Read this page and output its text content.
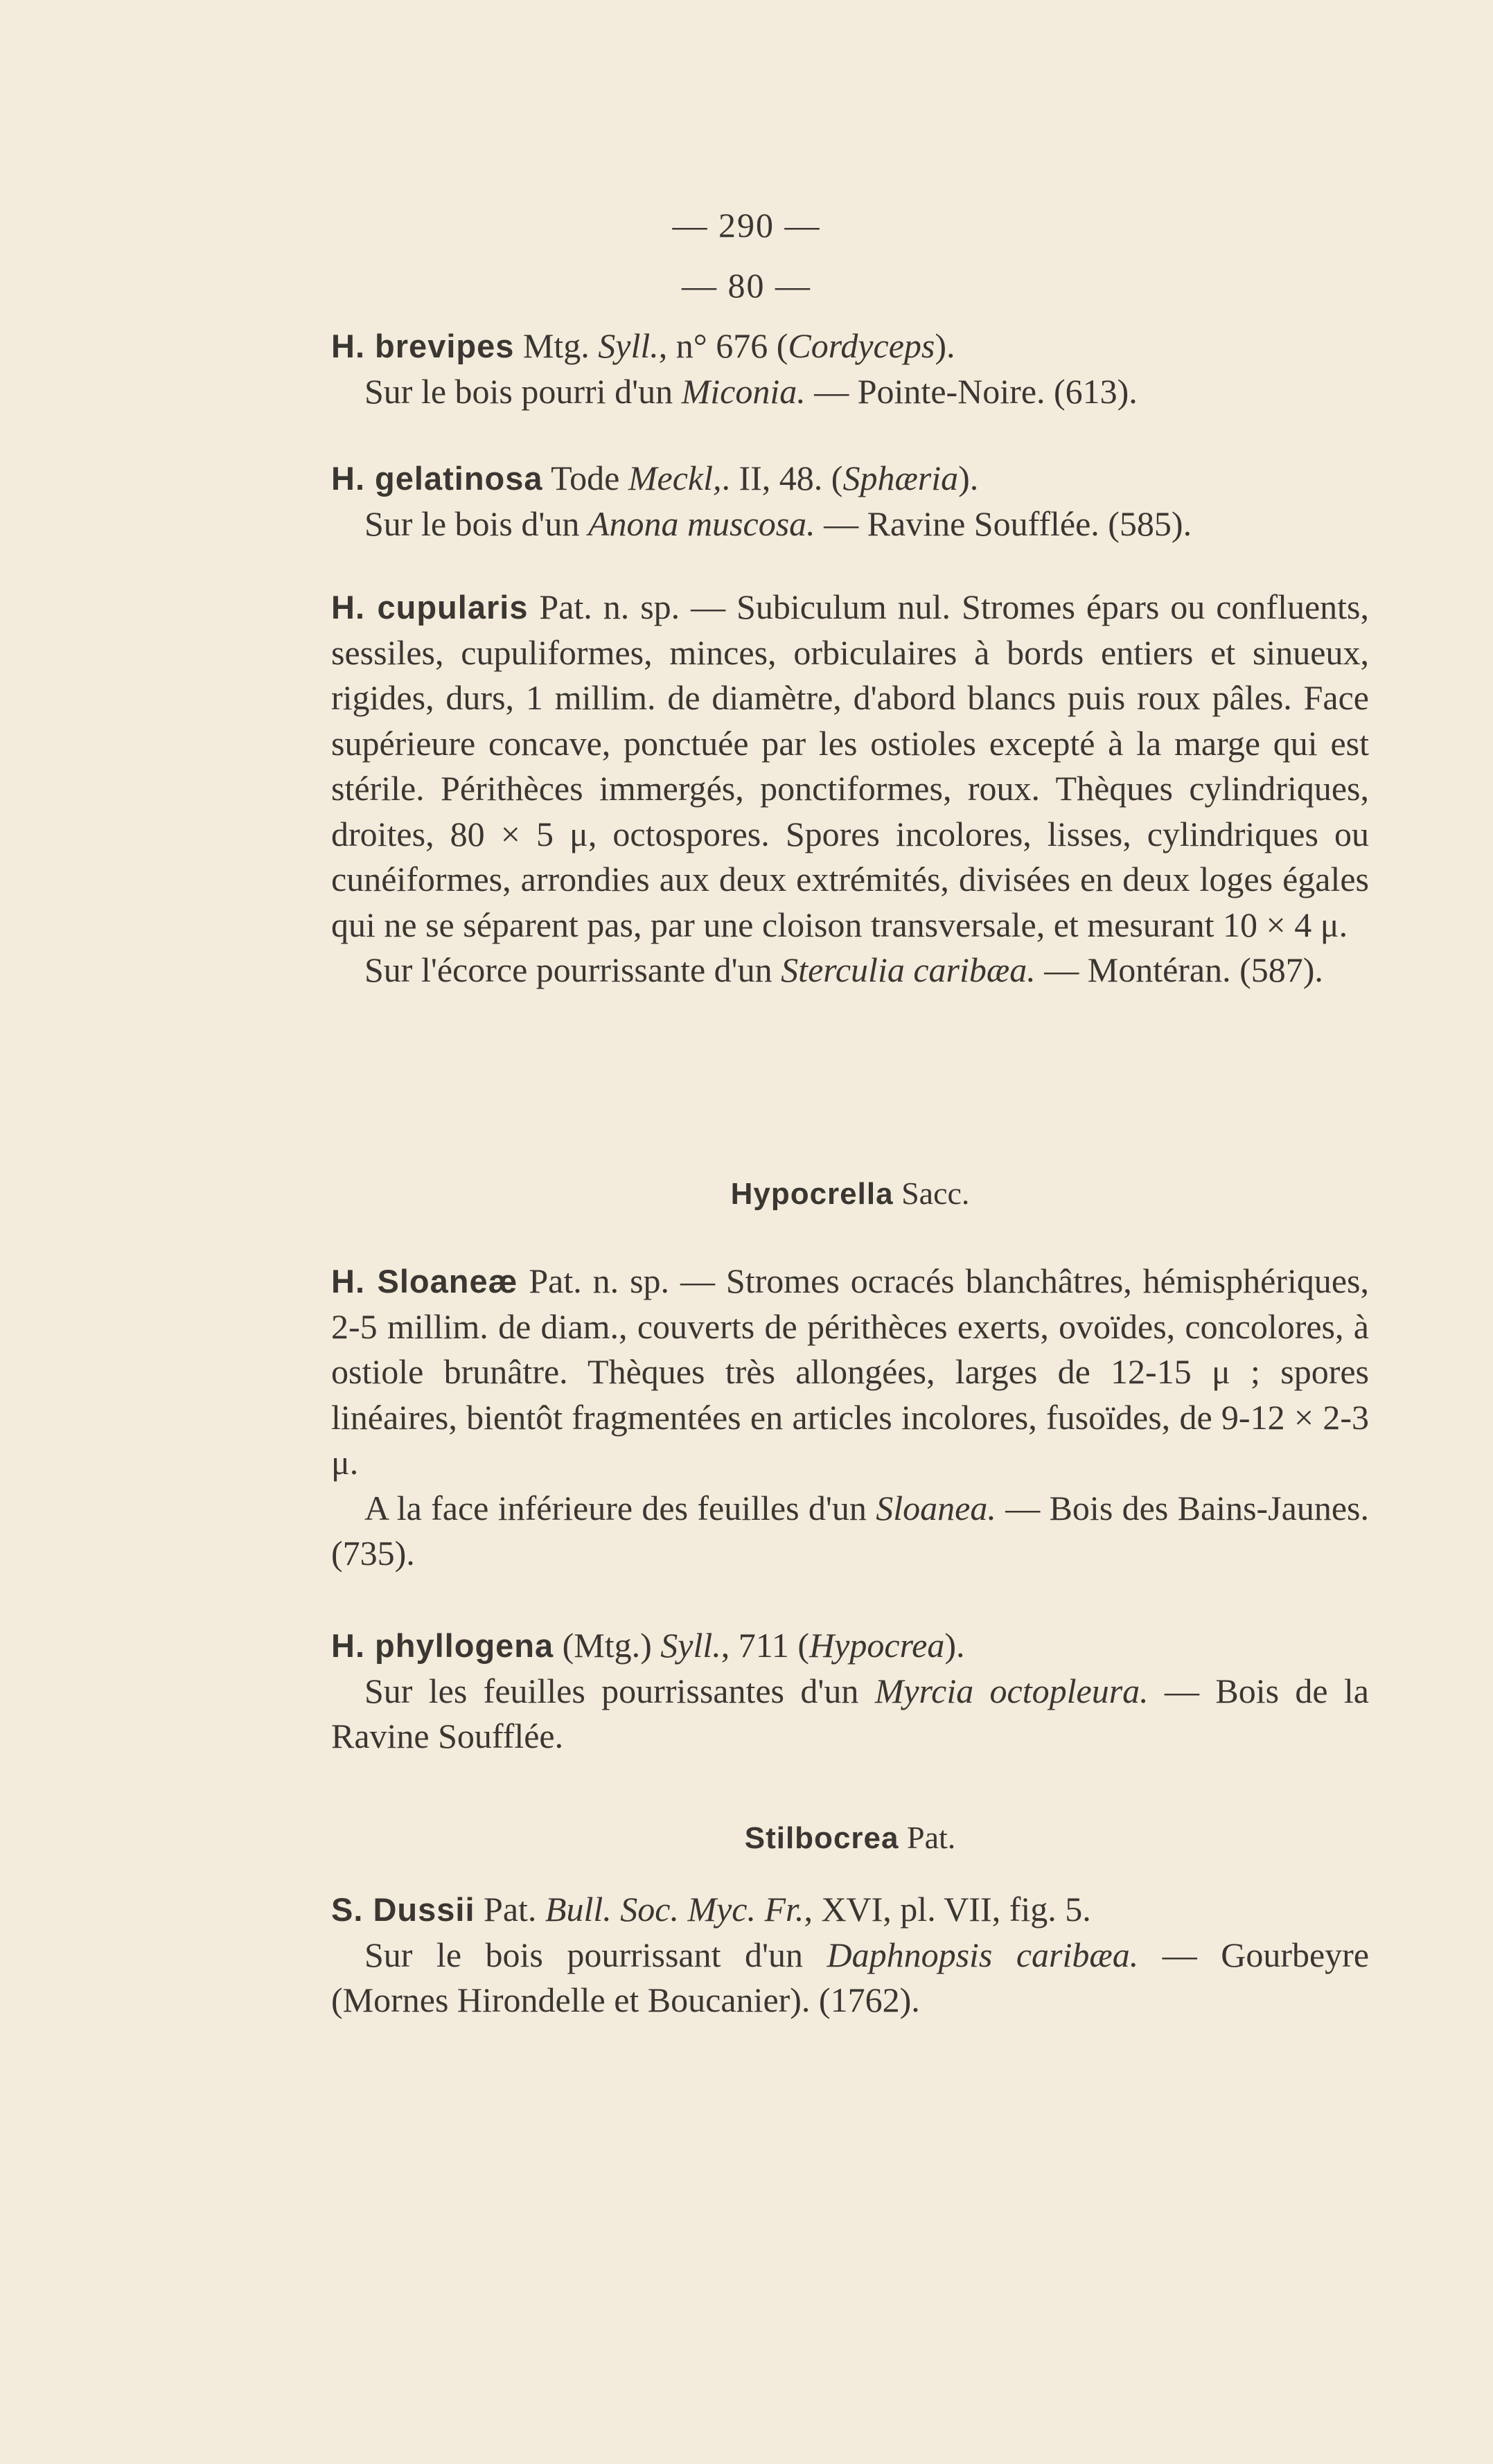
— 290 —
— 80 —

H. brevipes Mtg. Syll., n° 676 (Cordyceps).

Sur le bois pourri d'un Miconia. — Pointe-Noire. (613).

H. gelatinosa Tode Meckl,. II, 48. (Sphæria).

Sur le bois d'un Anona muscosa. — Ravine Soufflée. (585).

H. cupularis Pat. n. sp. — Subiculum nul. Stromes épars ou confluents, sessiles, cupuliformes, minces, orbiculaires à bords entiers et sinueux, rigides, durs, 1 millim. de diamètre, d'abord blancs puis roux pâles. Face supérieure concave, ponctuée par les ostioles excepté à la marge qui est stérile. Périthèces immergés, ponctiformes, roux. Thèques cylindriques, droites, 80 × 5 μ, octospores. Spores incolores, lisses, cylindriques ou cunéiformes, arrondies aux deux extrémités, divisées en deux loges égales qui ne se séparent pas, par une cloison transversale, et mesurant 10 × 4 μ.

Sur l'écorce pourrissante d'un Sterculia caribæa. — Montéran. (587).

Hypocrella Sacc.

H. Sloaneæ Pat. n. sp. — Stromes ocracés blanchâtres, hémisphériques, 2-5 millim. de diam., couverts de périthèces exerts, ovoïdes, concolores, à ostiole brunâtre. Thèques très allongées, larges de 12-15 μ ; spores linéaires, bientôt fragmentées en articles incolores, fusoïdes, de 9-12 × 2-3 μ.

A la face inférieure des feuilles d'un Sloanea. — Bois des Bains-Jaunes. (735).

H. phyllogena (Mtg.) Syll., 711 (Hypocrea).

Sur les feuilles pourrissantes d'un Myrcia octopleura. — Bois de la Ravine Soufflée.

Stilbocrea Pat.

S. Dussii Pat. Bull. Soc. Myc. Fr., XVI, pl. VII, fig. 5.

Sur le bois pourrissant d'un Daphnopsis caribæa. — Gourbeyre (Mornes Hirondelle et Boucanier). (1762).
